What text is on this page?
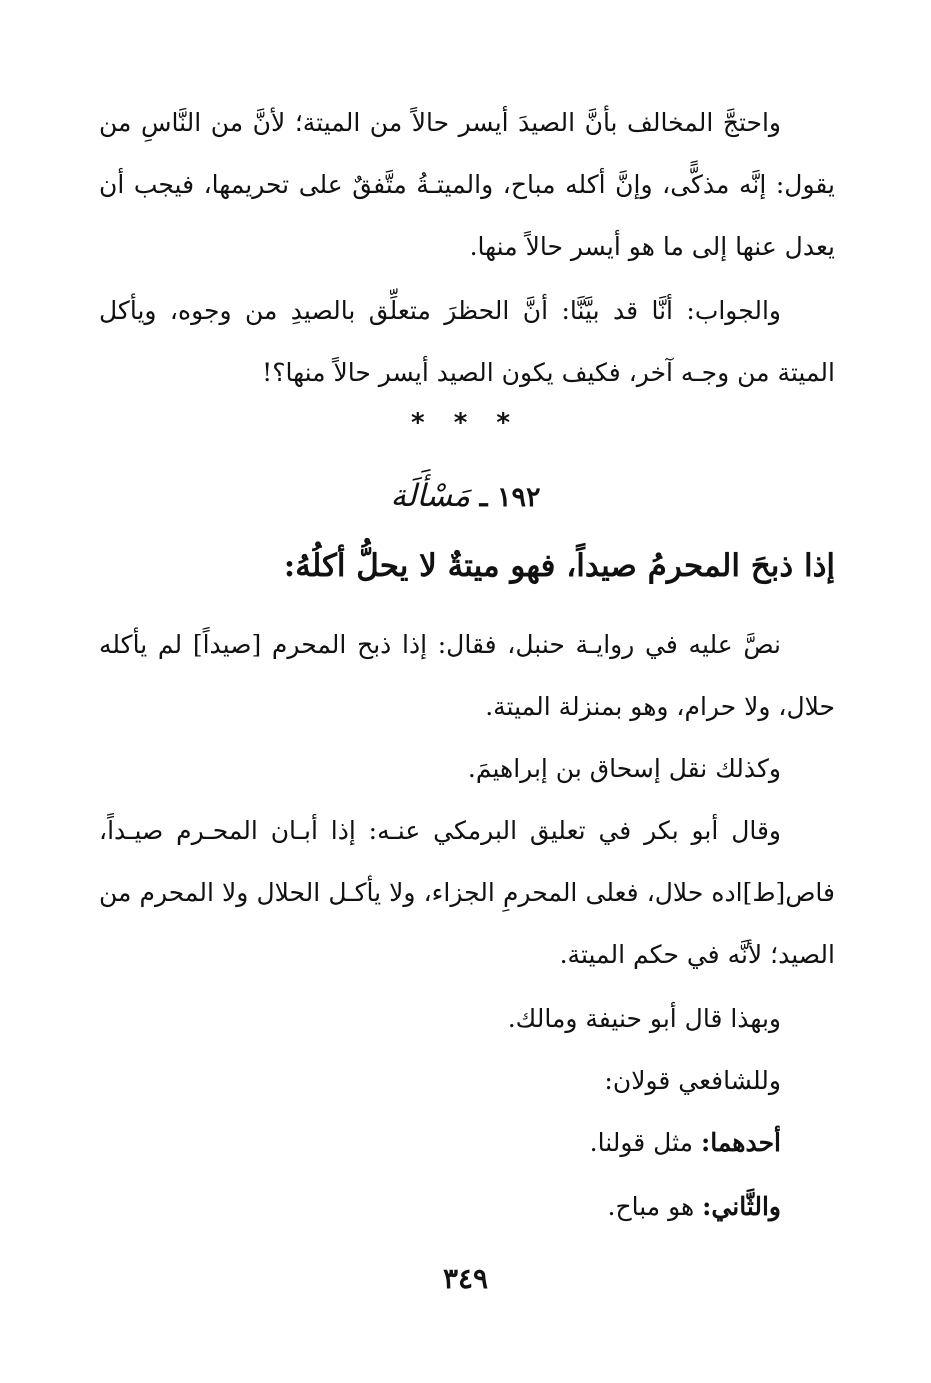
واحتجَّ المخالف بأنَّ الصيدَ أيسر حالاً من الميتة؛ لأنَّ من النَّاسِ من يقول: إنَّه مذكًّى، وإنَّ أكله مباح، والميتـةُ متَّفقٌ على تحريمها، فيجب أن يعدل عنها إلى ما هو أيسر حالاً منها.
والجواب: أنَّا قد بيَّنَّا: أنَّ الحظرَ متعلِّق بالصيدِ من وجوه، ويأكل الميتة من وجـه آخر، فكيف يكون الصيد أيسر حالاً منها؟!
* * *
١٩٢ ـ مَسْأَلَة
إذا ذبحَ المحرمُ صيداً، فهو ميتةٌ لا يحلُّ أكلُهُ:
نصَّ عليه في روايـة حنبل، فقال: إذا ذبح المحرم [صيداً] لم يأكله حلال، ولا حرام، وهو بمنزلة الميتة.
وكذلك نقل إسحاق بن إبراهيمَ.
وقال أبو بكر في تعليق البرمكي عنـه: إذا أبـان المحـرم صيـداً، فاص[ط]اده حلال، فعلى المحرمِ الجزاء، ولا يأكـل الحلال ولا المحرم من الصيد؛ لأنَّه في حكم الميتة.
وبهذا قال أبو حنيفة ومالك.
وللشافعي قولان:
أحدهما: مثل قولنا.
والثَّاني: هو مباح.
٣٤٩
